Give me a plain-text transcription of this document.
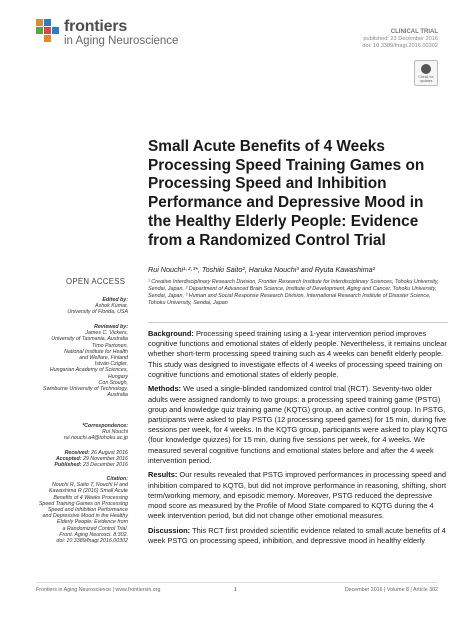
frontiers
in Aging Neuroscience
CLINICAL TRIAL
published: 23 December 2016
doi: 10.3389/fnagi.2016.00302
Check for
updates
Small Acute Benefits of 4 Weeks Processing Speed Training Games on Processing Speed and Inhibition Performance and Depressive Mood in the Healthy Elderly People: Evidence from a Randomized Control Trial
Rui Nouchi¹·²·³*, Toshiki Saito², Haruka Nouchi³ and Ryuta Kawashima²
¹ Creative Interdisciplinary Research Division, Frontier Research Institute for Interdisciplinary Sciences, Tohoku University, Sendai, Japan, ² Department of Advanced Brain Science, Institute of Development, Aging and Cancer, Tohoku University, Sendai, Japan, ³ Human and Social Response Research Division, International Research Institute of Disaster Science, Tohoku University, Sendai, Japan
OPEN ACCESS
Edited by:
Ashok Kumar,
University of Florida, USA
Reviewed by:
James C. Vickers,
University of Tasmania, Australia
Timo Partonen,
National Institute for Health
and Welfare, Finland
István Czigler,
Hungarian Academy of Sciences,
Hungary
Con Stough,
Swinburne University of Technology,
Australia
*Correspondence:
Rui Nouchi
rui.nouchi.a4@tohoku.ac.jp
Received: 26 August 2016
Accepted: 29 November 2016
Published: 23 December 2016
Citation:
Nouchi R, Saito T, Nouchi H and
Kawashima R (2016) Small Acute
Benefits of 4 Weeks Processing
Speed Training Games on Processing
Speed and Inhibition Performance
and Depressive Mood in the Healthy
Elderly People: Evidence from
a Randomized Control Trial.
Front. Aging Neurosci. 8:302.
doi: 10.3389/fnagi.2016.00302

Background: Processing speed training using a 1-year intervention period improves cognitive functions and emotional states of elderly people. Nevertheless, it remains unclear whether short-term processing speed training such as 4 weeks can benefit elderly people. This study was designed to investigate effects of 4 weeks of processing speed training on cognitive functions and emotional states of elderly people.

Methods: We used a single-blinded randomized control trial (RCT). Seventy-two older adults were assigned randomly to two groups: a processing speed training game (PSTG) group and knowledge quiz training game (KQTG) group, an active control group. In PSTG, participants were asked to play PSTG (12 processing speed games) for 15 min, during five sessions per week, for 4 weeks. In the KQTG group, participants were asked to play KQTG (four knowledge quizzes) for 15 min, during five sessions per week, for 4 weeks. We measured several cognitive functions and emotional states before and after the 4 week intervention period.

Results: Our results revealed that PSTG improved performances in processing speed and inhibition compared to KQTG, but did not improve performance in reasoning, shifting, short term/working memory, and episodic memory. Moreover, PSTG reduced the depressive mood score as measured by the Profile of Mood State compared to KQTG during the 4 week intervention period, but did not change other emotional measures.

Discussion: This RCT first provided scientific evidence related to small acute benefits of 4 week PSTG on processing speed, inhibition, and depressive mood in healthy elderly

Frontiers in Aging Neuroscience | www.frontiersin.org	1	December 2016 | Volume 8 | Article 302
